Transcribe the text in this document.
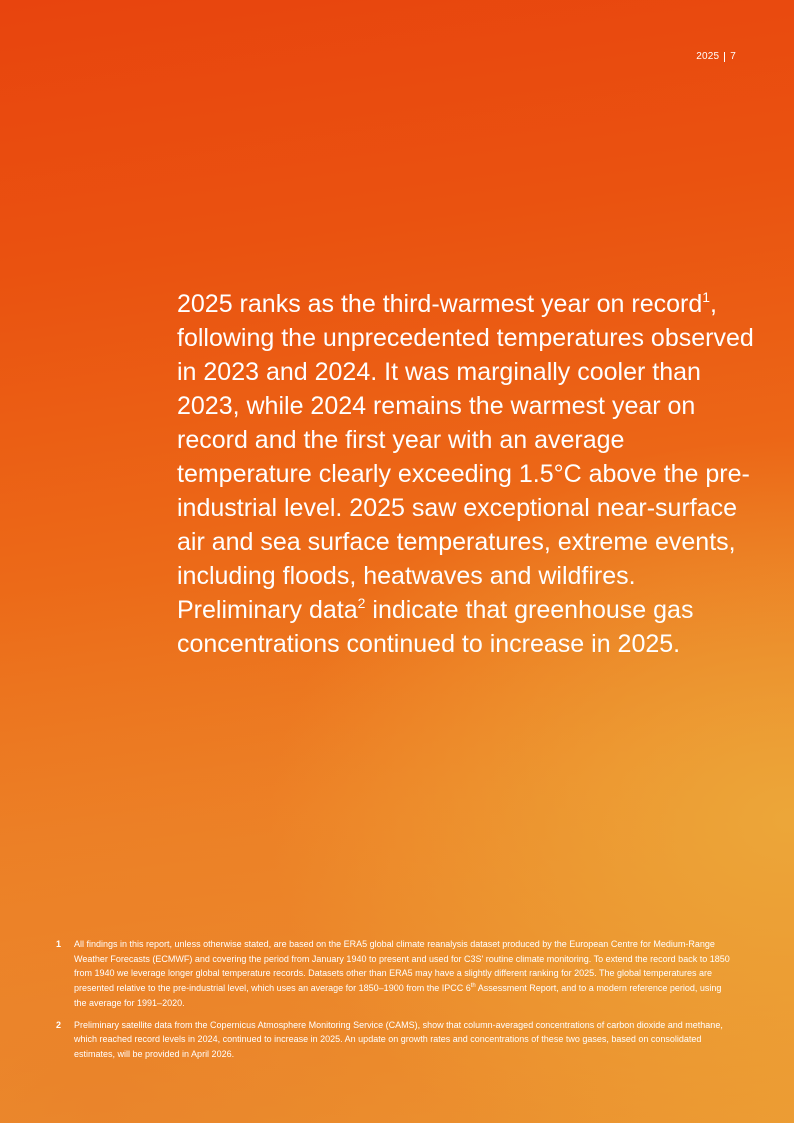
2025 7

2025 ranks as the third-warmest year on record$^1$, following the unprecedented temperatures observed in 2023 and 2024. It was marginally cooler than 2023, while 2024 remains the warmest year on record and the first year with an average temperature clearly exceeding 1.5°C above the pre-industrial level. 2025 saw exceptional near-surface air and sea surface temperatures, extreme events, including floods, heatwaves and wildfires. Preliminary data$^2$ indicate that greenhouse gas concentrations continued to increase in 2025.

1	All findings in this report, unless otherwise stated, are based on the ERA5 global climate reanalysis dataset produced by the European Centre for Medium-Range Weather Forecasts (ECMWF) and covering the period from January 1940 to present and used for C3S' routine climate monitoring. To extend the record back to 1850 from 1940 we leverage longer global temperature records. Datasets other than ERA5 may have a slightly different ranking for 2025. The global temperatures are presented relative to the pre-industrial level, which uses an average for 1850–1900 from the IPCC 6th Assessment Report, and to a modern reference period, using the average for 1991–2020.
2	Preliminary satellite data from the Copernicus Atmosphere Monitoring Service (CAMS), show that column-averaged concentrations of carbon dioxide and methane, which reached record levels in 2024, continued to increase in 2025. An update on growth rates and concentrations of these two gases, based on consolidated estimates, will be provided in April 2026.
